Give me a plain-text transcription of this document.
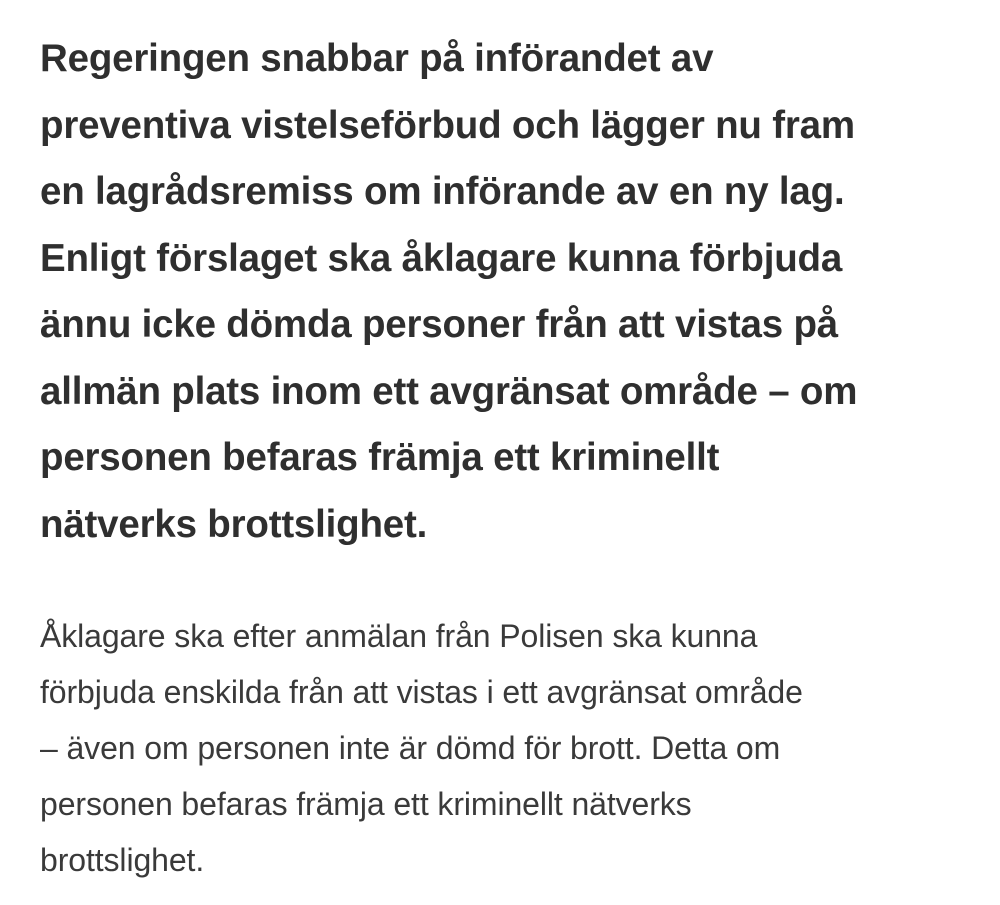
Regeringen snabbar på införandet av
preventiva vistelseförbud och lägger nu fram
en lagrådsremiss om införande av en ny lag.
Enligt förslaget ska åklagare kunna förbjuda
ännu icke dömda personer från att vistas på
allmän plats inom ett avgränsat område – om
personen befaras främja ett kriminellt
nätverks brottslighet.

Åklagare ska efter anmälan från Polisen ska kunna
förbjuda enskilda från att vistas i ett avgränsat område
– även om personen inte är dömd för brott. Detta om
personen befaras främja ett kriminellt nätverks
brottslighet.
